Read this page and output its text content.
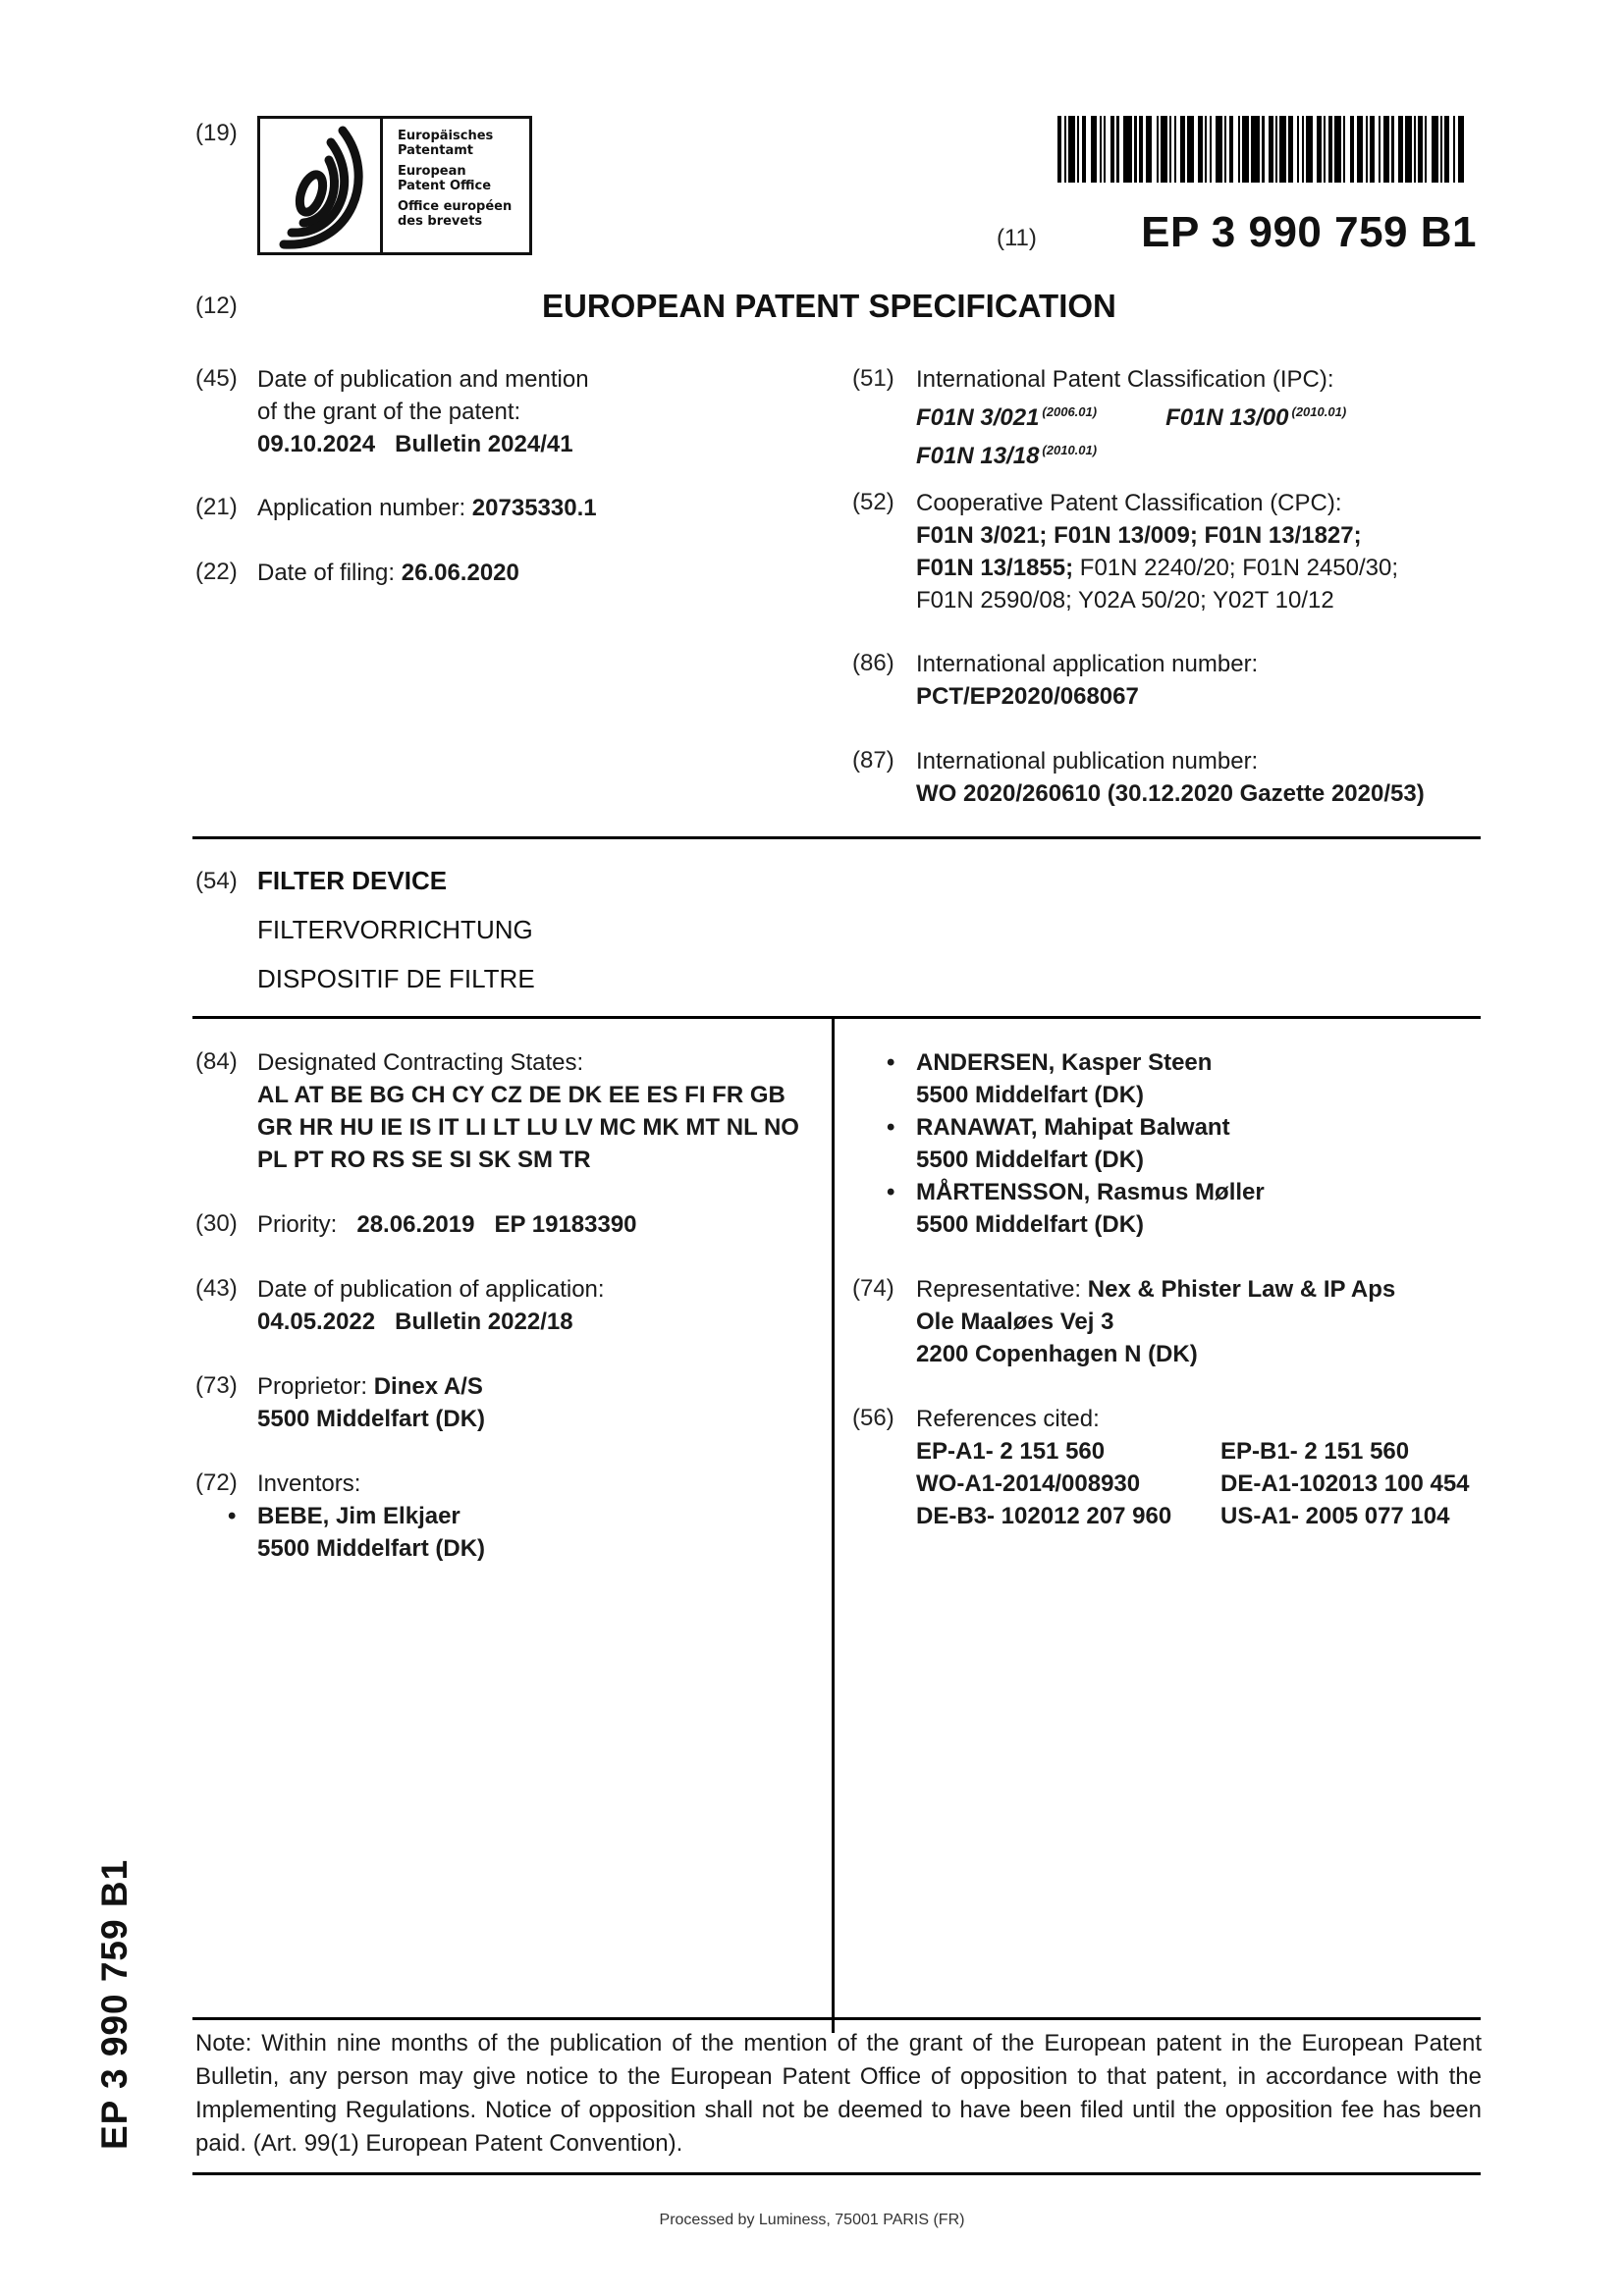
(19)	Europäisches
Patentamt
European
Patent Office
Office européen
des brevets
(11) EP 3 990 759 B1
(12)	EUROPEAN PATENT SPECIFICATION
(45) Date of publication and mention
of the grant of the patent:
09.10.2024 Bulletin 2024/41
(21) Application number: 20735330.1
(22) Date of filing: 26.06.2020
(51) International Patent Classification (IPC):
F01N 3/021 $^{(2006.01)}$	F01N 13/00 $^{(2010.01)}$
F01N 13/18 $^{(2010.01)}$
(52) Cooperative Patent Classification (CPC):
F01N 3/021; F01N 13/009; F01N 13/1827;
F01N 13/1855; F01N 2240/20; F01N 2450/30;
F01N 2590/08; Y02A 50/20; Y02T 10/12
(86) International application number:
PCT/EP2020/068067
(87) International publication number:
WO 2020/260610 (30.12.2020 Gazette 2020/53)
(54) FILTER DEVICE
FILTERVORRICHTUNG
DISPOSITIF DE FILTRE
(84) Designated Contracting States:
AL AT BE BG CH CY CZ DE DK EE ES FI FR GB
GR HR HU IE IS IT LI LT LU LV MC MK MT NL NO
PL PT RO RS SE SI SK SM TR
(30) Priority: 28.06.2019 EP 19183390
(43) Date of publication of application:
04.05.2022 Bulletin 2022/18
(73) Proprietor: Dinex A/S
5500 Middelfart (DK)
(72) Inventors:
• BEBE, Jim Elkjaer
5500 Middelfart (DK)
• ANDERSEN, Kasper Steen
5500 Middelfart (DK)
• RANAWAT, Mahipat Balwant
5500 Middelfart (DK)
• MÅRTENSSON, Rasmus Møller
5500 Middelfart (DK)
(74) Representative: Nex & Phister Law & IP Aps
Ole Maaløes Vej 3
2200 Copenhagen N (DK)
(56) References cited:
EP-A1- 2 151 560	EP-B1- 2 151 560
WO-A1-2014/008930	DE-A1-102013 100 454
DE-B3- 102012 207 960	US-A1- 2005 077 104
Note: Within nine months of the publication of the mention of the grant of the European patent in the European Patent Bulletin, any person may give notice to the European Patent Office of opposition to that patent, in accordance with the Implementing Regulations. Notice of opposition shall not be deemed to have been filed until the opposition fee has been paid. (Art. 99(1) European Patent Convention).
Processed by Luminess, 75001 PARIS (FR)
EP 3 990 759 B1
